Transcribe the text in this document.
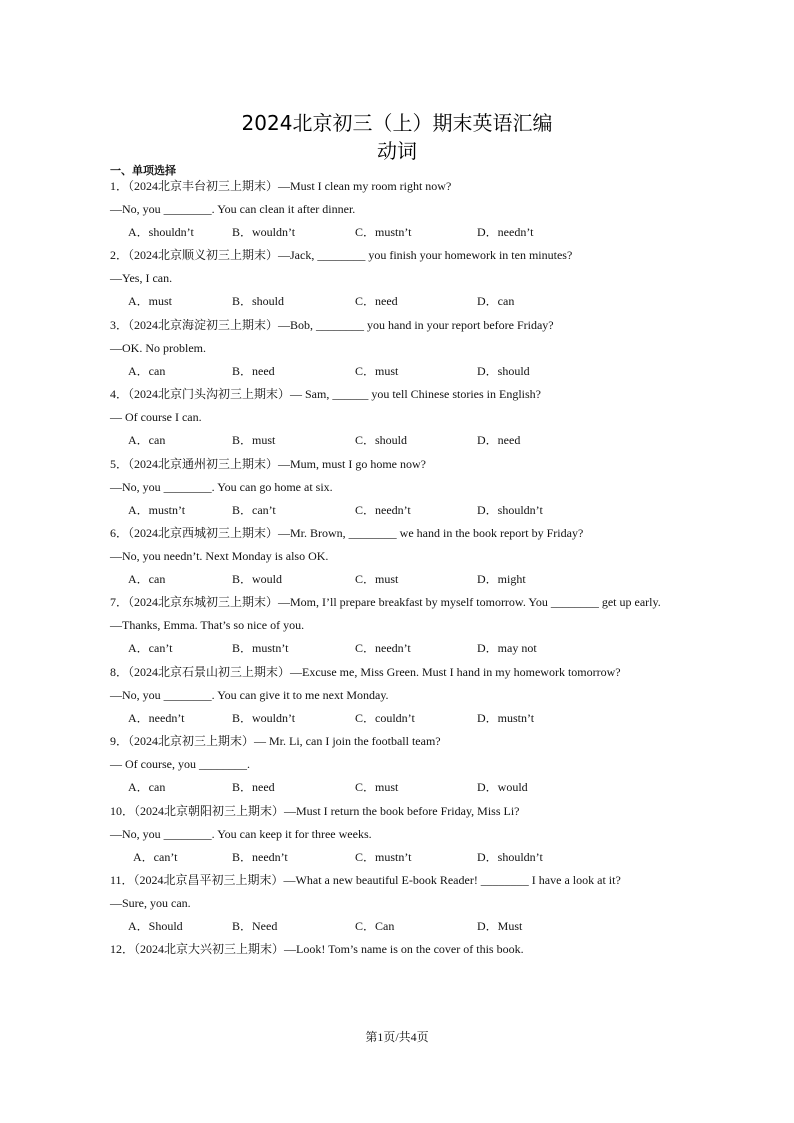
2024北京初三（上）期末英语汇编
动词
一、单项选择
1．（2024北京丰台初三上期末）—Must I clean my room right now?
—No, you ________. You can clean it after dinner.
A．shouldn’t	B．wouldn’t	C．mustn’t	D．needn’t
2．（2024北京顺义初三上期末）—Jack, ________ you finish your homework in ten minutes?
—Yes, I can.
A．must	B．should	C．need	D．can
3．（2024北京海淀初三上期末）—Bob, ________ you hand in your report before Friday?
—OK. No problem.
A．can	B．need	C．must	D．should
4．（2024北京门头沟初三上期末）— Sam, ______ you tell Chinese stories in English?
— Of course I can.
A．can	B．must	C．should	D．need
5．（2024北京通州初三上期末）—Mum, must I go home now?
—No, you ________. You can go home at six.
A．mustn’t	B．can’t	C．needn’t	D．shouldn’t
6．（2024北京西城初三上期末）—Mr. Brown, ________ we hand in the book report by Friday?
—No, you needn’t. Next Monday is also OK.
A．can	B．would	C．must	D．might
7．（2024北京东城初三上期末）—Mom, I’ll prepare breakfast by myself tomorrow. You ________ get up early.
—Thanks, Emma. That’s so nice of you.
A．can’t	B．mustn’t	C．needn’t	D．may not
8．（2024北京石景山初三上期末）—Excuse me, Miss Green. Must I hand in my homework tomorrow?
—No, you ________. You can give it to me next Monday.
A．needn’t	B．wouldn’t	C．couldn’t	D．mustn’t
9．（2024北京初三上期末）— Mr. Li, can I join the football team?
— Of course, you ________.
A．can	B．need	C．must	D．would
10．（2024北京朝阳初三上期末）—Must I return the book before Friday, Miss Li?
—No, you ________. You can keep it for three weeks.
A．can’t	B．needn’t	C．mustn’t	D．shouldn’t
11．（2024北京昌平初三上期末）—What a new beautiful E-book Reader! ________ I have a look at it?
—Sure, you can.
A．Should	B．Need	C．Can	D．Must
12．（2024北京大兴初三上期末）—Look! Tom’s name is on the cover of this book.
第1页/共4页
